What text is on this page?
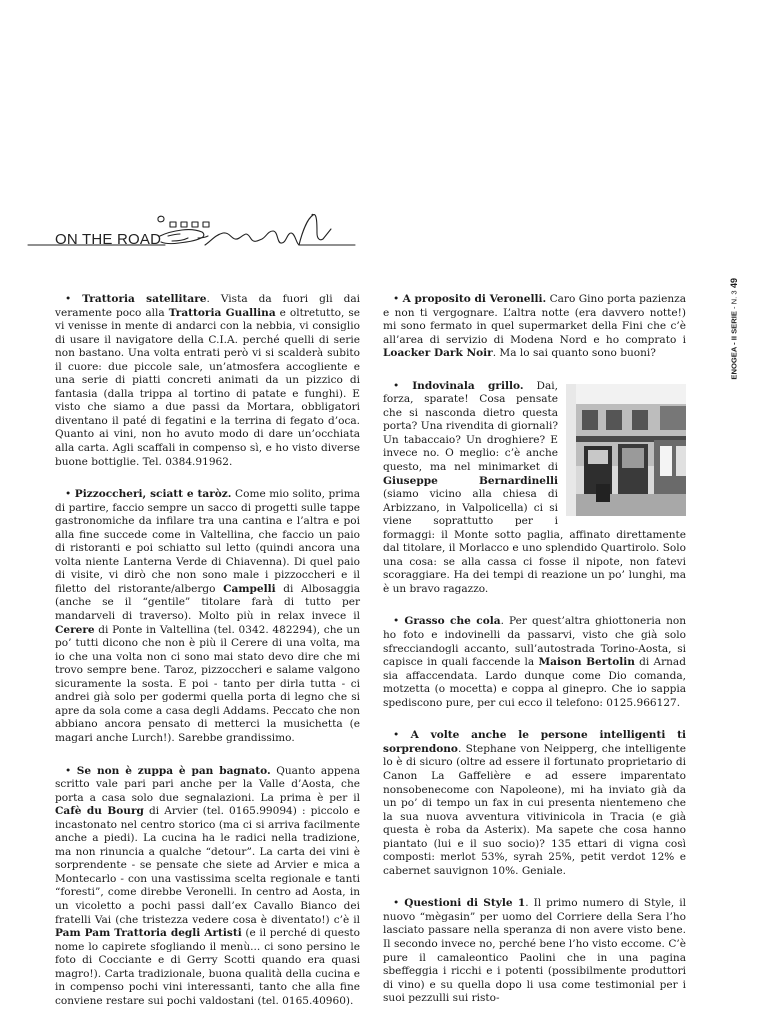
ON THE ROAD
49
ENOGEA - II SERIE - N. 3

• Trattoria satellitare. Vista da fuori gli dai veramente poco alla Trattoria Guallina e oltretutto, se vi venisse in mente di andarci con la nebbia, vi consiglio di usare il navigatore della C.I.A. perché quelli di serie non bastano. Una volta entrati però vi si scalderà subito il cuore: due piccole sale, un’atmosfera accogliente e una serie di piatti concreti animati da un pizzico di fantasia (dalla trippa al tortino di patate e funghi). E visto che siamo a due passi da Mortara, obbligatori diventano il paté di fegatini e la terrina di fegato d’oca. Quanto ai vini, non ho avuto modo di dare un’occhiata alla carta. Agli scaffali in compenso sì, e ho visto diverse buone bottiglie. Tel. 0384.91962.

• Pizzoccheri, sciatt e taròz. Come mio solito, prima di partire, faccio sempre un sacco di progetti sulle tappe gastronomiche da infilare tra una cantina e l’altra e poi alla fine succede come in Valtellina, che faccio un paio di ristoranti e poi schiatto sul letto (quindi ancora una volta niente Lanterna Verde di Chiavenna). Di quel paio di visite, vi dirò che non sono male i pizzoccheri e il filetto del ristorante/albergo Campelli di Albosaggia (anche se il “gentile” titolare farà di tutto per mandarveli di traverso). Molto più in relax invece il Cerere di Ponte in Valtellina (tel. 0342. 482294), che un po’ tutti dicono che non è più il Cerere di una volta, ma io che una volta non ci sono mai stato devo dire che mi trovo sempre bene. Taroz, pizzoccheri e salame valgono sicuramente la sosta. E poi - tanto per dirla tutta - ci andrei già solo per godermi quella porta di legno che si apre da sola come a casa degli Addams. Peccato che non abbiano ancora pensato di metterci la musichetta (e magari anche Lurch!). Sarebbe grandissimo.

• Se non è zuppa è pan bagnato. Quanto appena scritto vale pari pari anche per la Valle d’Aosta, che porta a casa solo due segnalazioni. La prima è per il Cafè du Bourg di Arvier (tel. 0165.99094) : piccolo e incastonato nel centro storico (ma ci si arriva facilmente anche a piedi). La cucina ha le radici nella tradizione, ma non rinuncia a qualche “detour”. La carta dei vini è sorprendente - se pensate che siete ad Arvier e mica a Montecarlo - con una vastissima scelta regionale e tanti “foresti”, come direbbe Veronelli. In centro ad Aosta, in un vicoletto a pochi passi dall’ex Cavallo Bianco dei fratelli Vai (che tristezza vedere cosa è diventato!) c’è il Pam Pam Trattoria degli Artisti (e il perché di questo nome lo capirete sfogliando il menù... ci sono persino le foto di Cocciante e di Gerry Scotti quando era quasi magro!). Carta tradizionale, buona qualità della cucina e in compenso pochi vini interessanti, tanto che alla fine conviene restare sui pochi valdostani (tel. 0165.40960).

• A proposito di Veronelli. Caro Gino porta pazienza e non ti vergognare. L’altra notte (era davvero notte!) mi sono fermato in quel supermarket della Fini che c’è all’area di servizio di Modena Nord e ho comprato i Loacker Dark Noir. Ma lo sai quanto sono buoni?

• Indovinala grillo. Dai, forza, sparate! Cosa pensate che si nasconda dietro questa porta? Una rivendita di giornali? Un tabaccaio? Un droghiere? E invece no. O meglio: c’è anche questo, ma nel minimarket di Giuseppe Bernardinelli (siamo vicino alla chiesa di Arbizzano, in Valpolicella) ci si viene soprattutto per i formaggi: il Monte sotto paglia, affinato direttamente dal titolare, il Morlacco e uno splendido Quartirolo. Solo una cosa: se alla cassa ci fosse il nipote, non fatevi scoraggiare. Ha dei tempi di reazione un po’ lunghi, ma è un bravo ragazzo.

• Grasso che cola. Per quest’altra ghiottoneria non ho foto e indovinelli da passarvi, visto che già solo sfrecciandogli accanto, sull’autostrada Torino-Aosta, si capisce in quali faccende la Maison Bertolin di Arnad sia affaccendata. Lardo dunque come Dio comanda, motzetta (o mocetta) e coppa al ginepro. Che io sappia spediscono pure, per cui ecco il telefono: 0125.966127.

• A volte anche le persone intelligenti ti sorprendono. Stephane von Neipperg, che intelligente lo è di sicuro (oltre ad essere il fortunato proprietario di Canon La Gaffelière e ad essere imparentato nonsobenecome con Napoleone), mi ha inviato già da un po’ di tempo un fax in cui presenta nientemeno che la sua nuova avventura vitivinicola in Tracia (e già questa è roba da Asterix). Ma sapete che cosa hanno piantato (lui e il suo socio)? 135 ettari di vigna così composti: merlot 53%, syrah 25%, petit verdot 12% e cabernet sauvignon 10%. Geniale.

• Questioni di Style 1. Il primo numero di Style, il nuovo “mègasin” per uomo del Corriere della Sera l’ho lasciato passare nella speranza di non avere visto bene. Il secondo invece no, perché bene l’ho visto eccome. C’è pure il camaleontico Paolini che in una pagina sbeffeggia i ricchi e i potenti (possibilmente produttori di vino) e su quella dopo li usa come testimonial per i suoi pezzulli sui risto-
